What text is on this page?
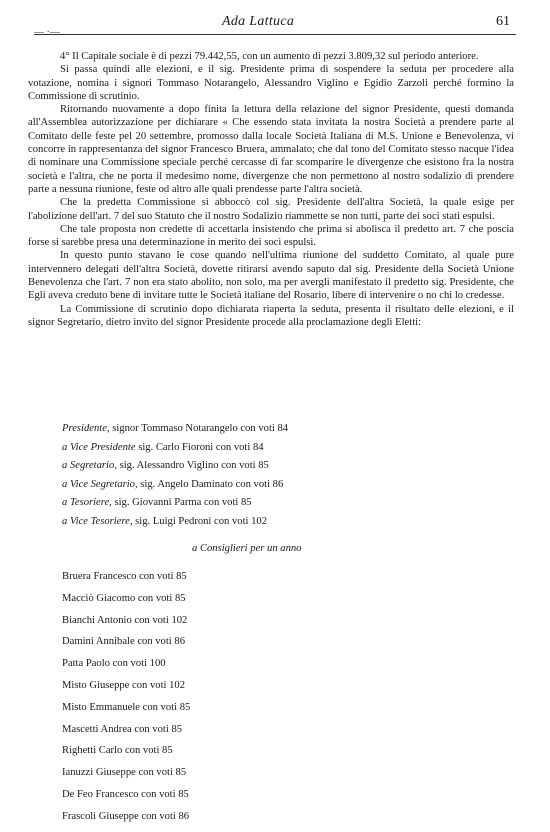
— ·—
Ada Lattuca	61

4° Il Capitale sociale è di pezzi 79.442,55, con un aumento di pezzi 3.809,32 sul periodo anteriore.

Si passa quindi alle elezioni, e il sig. Presidente prima di sospendere la seduta per procedere alla votazione, nomina i signori Tommaso Notarangelo, Alessandro Viglino e Egidio Zarzoli perché formino la Commissione di scrutinio.

Ritornando nuovamente a dopo finita la lettura della relazione del signor Presidente, questi domanda all'Assemblea autorizzazione per dichiarare « Che essendo stata invitata la nostra Società a prendere parte al Comitato delle feste pel 20 settembre, promosso dalla locale Società Italiana di M.S. Unione e Benevolenza, vi concorre in rappresentanza del signor Francesco Bruera, ammalato; che dal tono del Comitato stesso nacque l'idea di nominare una Commissione speciale perché cercasse di far scomparire le divergenze che esistono fra la nostra società e l'altra, che ne porta il medesimo nome, divergenze che non permettono al nostro sodalizio di prendere parte a nessuna riunione, feste od altro alle quali prendesse parte l'altra società.

Che la predetta Commissione si abboccò col sig. Presidente dell'altra Società, la quale esige per l'abolizione dell'art. 7 del suo Statuto che il nostro Sodalizio riammette se non tutti, parte dei soci stati espulsi.

Che tale proposta non credette di accettarla insistendo che prima si abolisca il predetto art. 7 che poscia forse si sarebbe presa una determinazione in merito dei soci espulsi.

In questo punto stavano le cose quando nell'ultima riunione del suddetto Comitato, al quale pure intervennero delegati dell'altra Società, dovette ritirarsi avendo saputo dal sig. Presidente della Società Unione Benevolenza che l'art. 7 non era stato abolito, non solo, ma per avergli manifestato il predetto sig. Presidente, che Egli aveva creduto bene di invitare tutte le Società italiane del Rosario, libere di intervenire o no chi lo credesse.

La Commissione di scrutinio dopo dichiarata riaperta la seduta, presenta il risultato delle elezioni, e il signor Segretario, dietro invito del signor Presidente procede alla proclamazione degli Eletti:

Presidente, signor Tommaso Notarangelo con voti 84
a Vice Presidente sig. Carlo Fioroni con voti 84
a Segretario, sig. Alessandro Viglino con voti 85
a Vice Segretario, sig. Angelo Daminato con voti 86
a Tesoriere, sig. Giovanni Parma con voti 85
a Vice Tesoriere, sig. Luigi Pedroni con voti 102
a Consiglieri per un anno
Bruera Francesco con voti 85
Macciò Giacomo con voti 85
Bianchi Antonio con voti 102
Damini Annibale con voti 86
Patta Paolo con voti 100
Misto Giuseppe con voti 102
Misto Emmanuele con voti 85
Mascetti Andrea con voti 85
Righetti Carlo con voti 85
Ianuzzi Giuseppe con voti 85
De Feo Francesco con voti 85
Frascoli Giuseppe con voti 86
